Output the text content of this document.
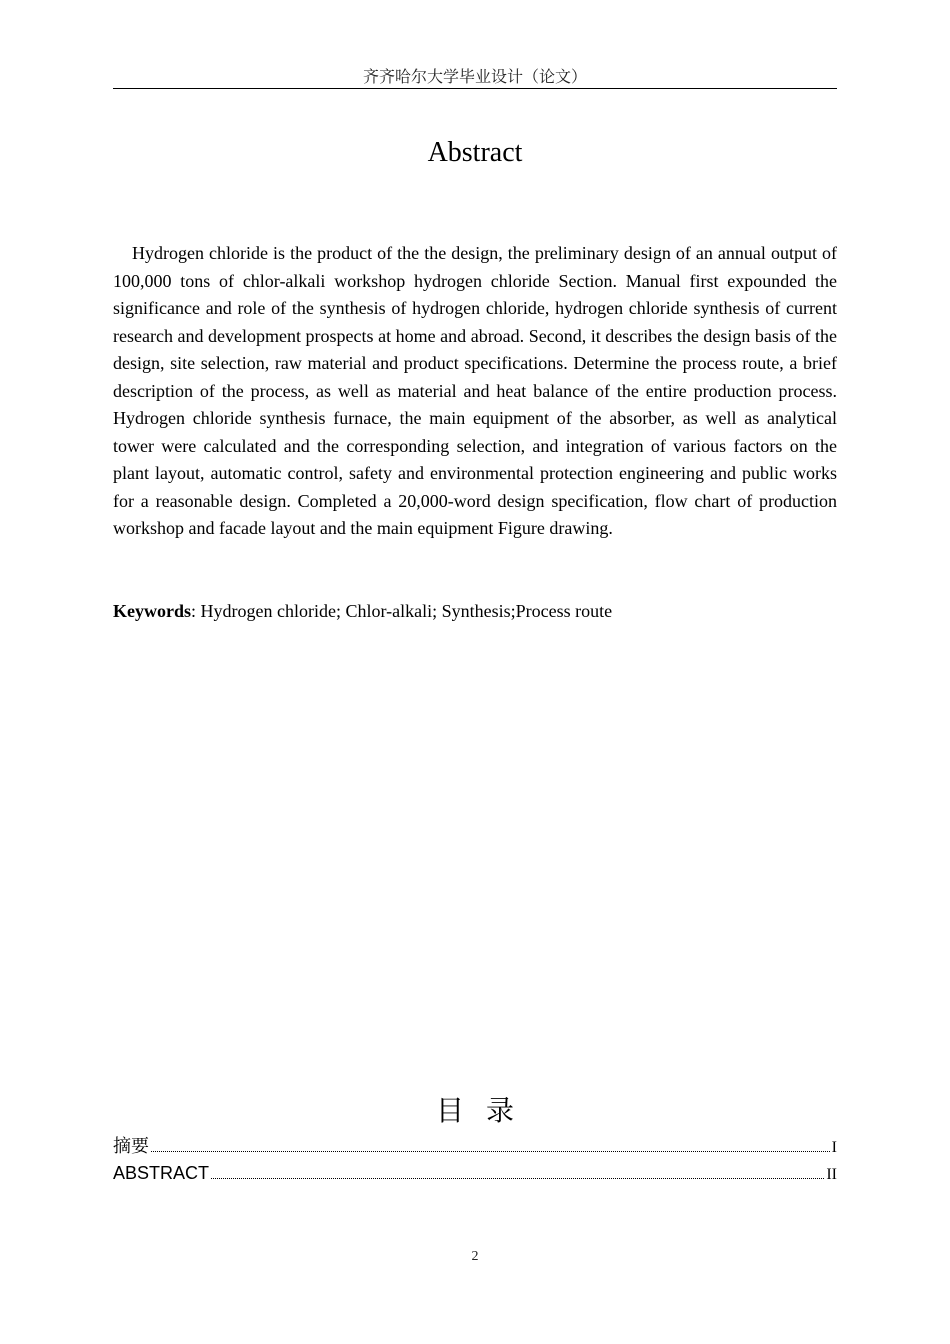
齐齐哈尔大学毕业设计（论文）
Abstract

Hydrogen chloride is the product of the the design, the preliminary design of an annual output of 100,000 tons of chlor-alkali workshop hydrogen chloride Section. Manual first expounded the significance and role of the synthesis of hydrogen chloride, hydrogen chloride synthesis of current research and development prospects at home and abroad. Second, it describes the design basis of the design, site selection, raw material and product specifications. Determine the process route, a brief description of the process, as well as material and heat balance of the entire production process. Hydrogen chloride synthesis furnace, the main equipment of the absorber, as well as analytical tower were calculated and the corresponding selection, and integration of various factors on the plant layout, automatic control, safety and environmental protection engineering and public works for a reasonable design. Completed a 20,000-word design specification, flow chart of production workshop and facade layout and the main equipment Figure drawing.

Keywords: Hydrogen chloride; Chlor-alkali; Synthesis;Process route
目录
摘要	I
ABSTRACT	II
2
